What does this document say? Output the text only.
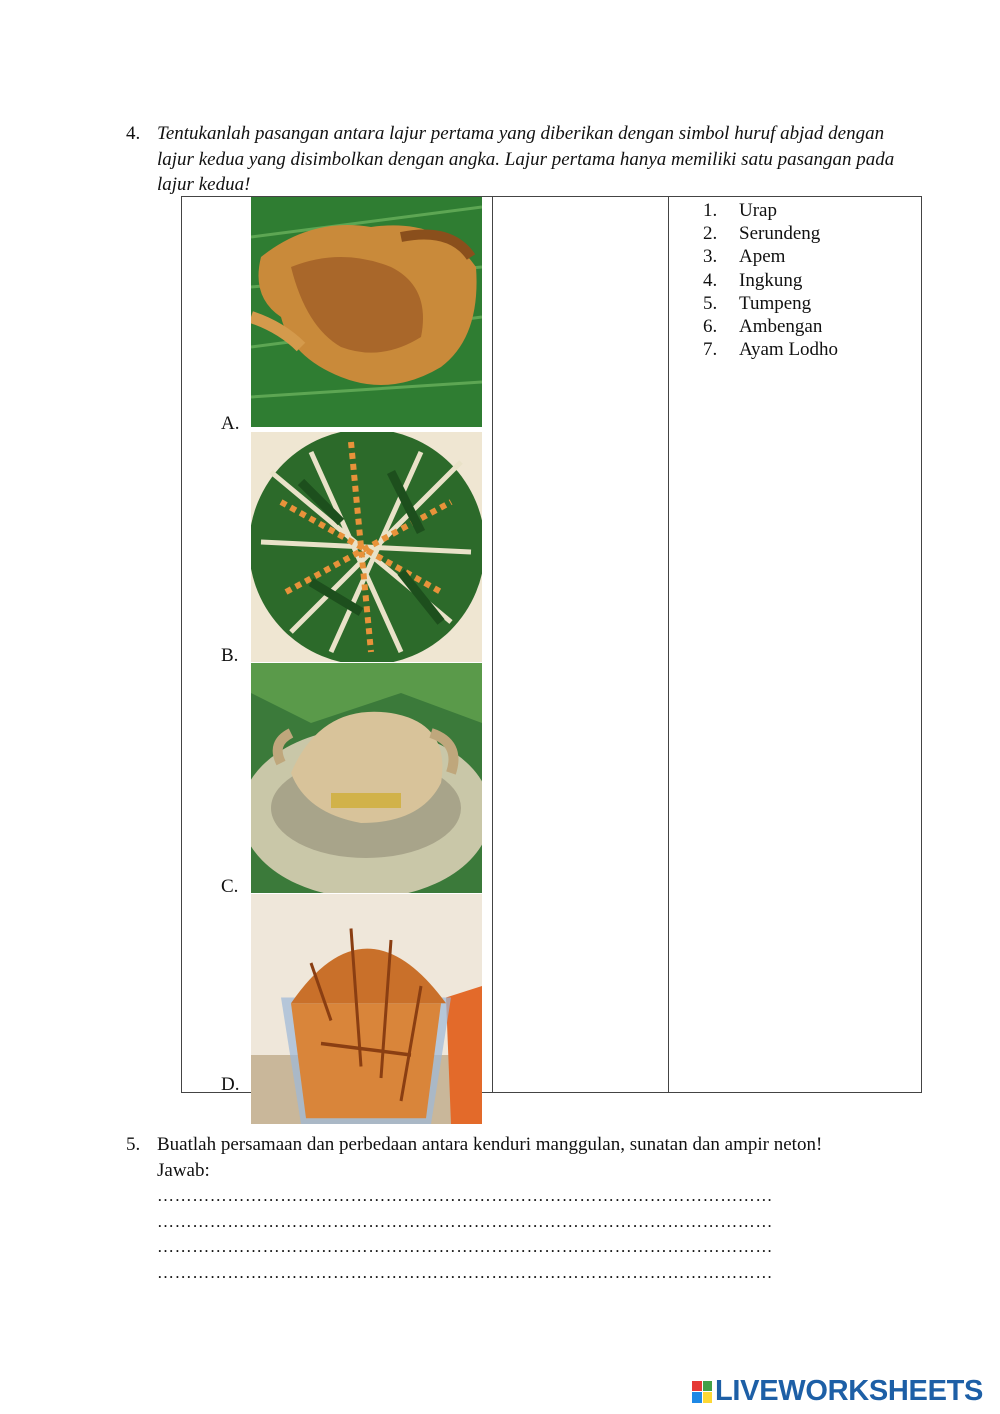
4. Tentukanlah pasangan antara lajur pertama yang diberikan dengan simbol huruf abjad dengan lajur kedua yang disimbolkan dengan angka. Lajur pertama hanya memiliki satu pasangan pada lajur kedua!
A.
B.
C.
D.
1.	Urap
2.	Serundeng
3.	Apem
4.	Ingkung
5.	Tumpeng
6.	Ambengan
7.	Ayam Lodho
5. Buatlah persamaan dan perbedaan antara kenduri manggulan, sunatan dan ampir neton!
Jawab:
……………………………………………………………………………………………
……………………………………………………………………………………………
……………………………………………………………………………………………
……………………………………………………………………………………………
LIVEWORKSHEETS
